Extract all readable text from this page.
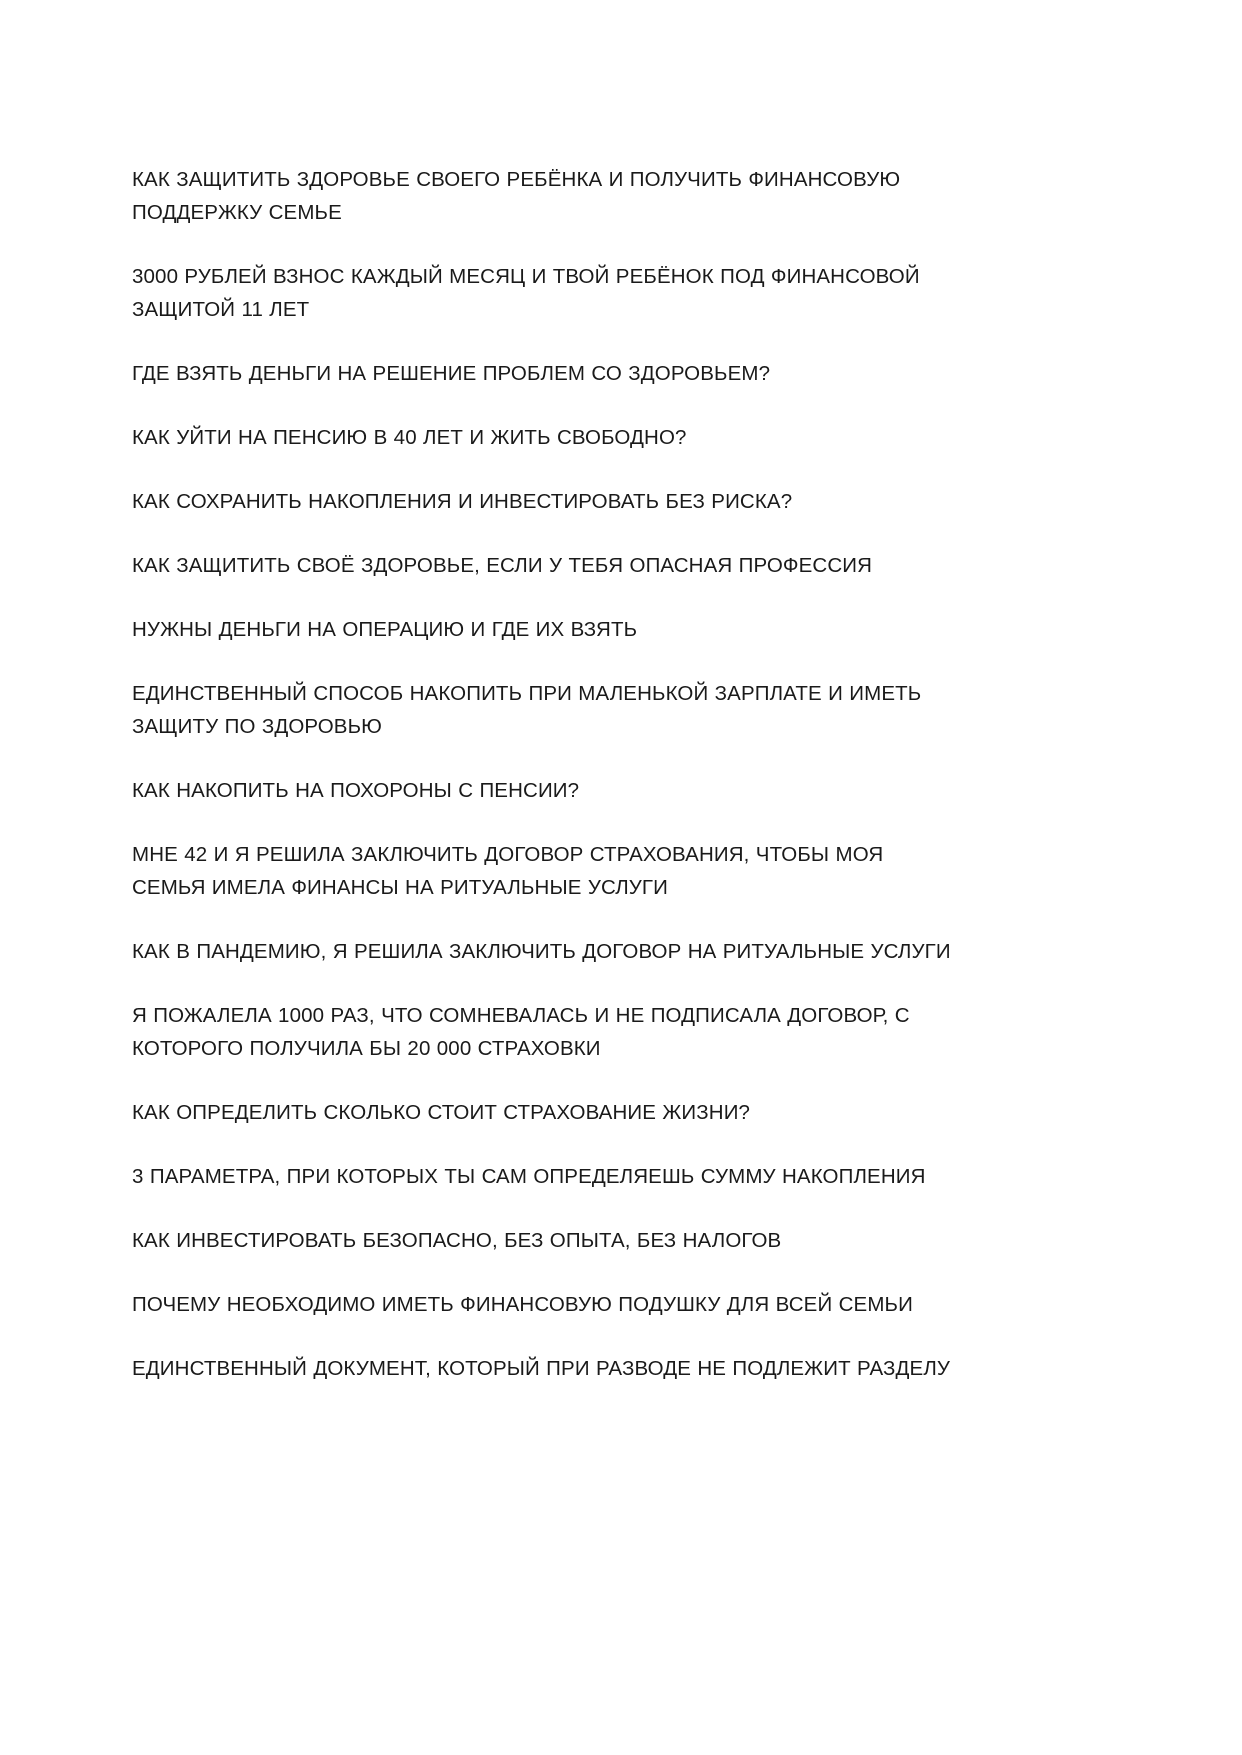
КАК ЗАЩИТИТЬ ЗДОРОВЬЕ СВОЕГО РЕБЁНКА И ПОЛУЧИТЬ ФИНАНСОВУЮ ПОДДЕРЖКУ СЕМЬЕ

3000 РУБЛЕЙ ВЗНОС КАЖДЫЙ МЕСЯЦ И ТВОЙ РЕБЁНОК ПОД ФИНАНСОВОЙ ЗАЩИТОЙ 11 ЛЕТ

ГДЕ ВЗЯТЬ ДЕНЬГИ НА РЕШЕНИЕ ПРОБЛЕМ СО ЗДОРОВЬЕМ?

КАК УЙТИ НА ПЕНСИЮ В 40 ЛЕТ И ЖИТЬ СВОБОДНО?

КАК СОХРАНИТЬ НАКОПЛЕНИЯ И ИНВЕСТИРОВАТЬ БЕЗ РИСКА?

КАК ЗАЩИТИТЬ СВОЁ ЗДОРОВЬЕ, ЕСЛИ У ТЕБЯ ОПАСНАЯ ПРОФЕССИЯ

НУЖНЫ ДЕНЬГИ НА ОПЕРАЦИЮ И ГДЕ ИХ ВЗЯТЬ

ЕДИНСТВЕННЫЙ СПОСОБ НАКОПИТЬ ПРИ МАЛЕНЬКОЙ ЗАРПЛАТЕ И ИМЕТЬ ЗАЩИТУ ПО ЗДОРОВЬЮ

КАК НАКОПИТЬ НА ПОХОРОНЫ С ПЕНСИИ?

МНЕ 42 И Я РЕШИЛА ЗАКЛЮЧИТЬ ДОГОВОР СТРАХОВАНИЯ, ЧТОБЫ МОЯ СЕМЬЯ ИМЕЛА ФИНАНСЫ НА РИТУАЛЬНЫЕ УСЛУГИ

КАК В ПАНДЕМИЮ, Я РЕШИЛА ЗАКЛЮЧИТЬ ДОГОВОР НА РИТУАЛЬНЫЕ УСЛУГИ

Я ПОЖАЛЕЛА 1000 РАЗ, ЧТО СОМНЕВАЛАСЬ И НЕ ПОДПИСАЛА ДОГОВОР, С КОТОРОГО ПОЛУЧИЛА БЫ 20 000 СТРАХОВКИ

КАК ОПРЕДЕЛИТЬ СКОЛЬКО СТОИТ СТРАХОВАНИЕ ЖИЗНИ?

3 ПАРАМЕТРА, ПРИ КОТОРЫХ ТЫ САМ ОПРЕДЕЛЯЕШЬ СУММУ НАКОПЛЕНИЯ

КАК ИНВЕСТИРОВАТЬ БЕЗОПАСНО, БЕЗ ОПЫТА, БЕЗ НАЛОГОВ

ПОЧЕМУ НЕОБХОДИМО ИМЕТЬ ФИНАНСОВУЮ ПОДУШКУ ДЛЯ ВСЕЙ СЕМЬИ

ЕДИНСТВЕННЫЙ ДОКУМЕНТ, КОТОРЫЙ ПРИ РАЗВОДЕ НЕ ПОДЛЕЖИТ РАЗДЕЛУ
